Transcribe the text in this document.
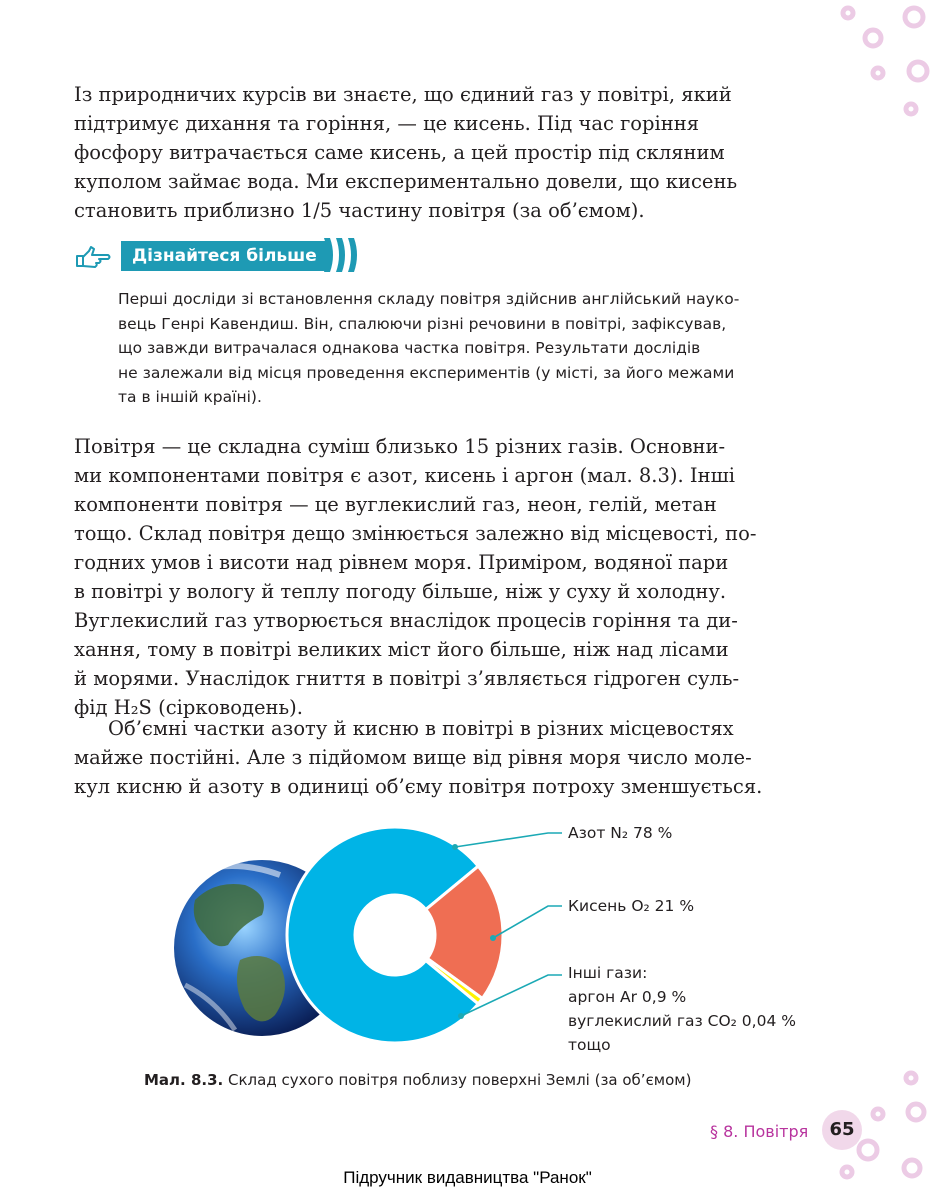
Із природничих курсів ви знаєте, що єдиний газ у повітрі, який
підтримує дихання та горіння, — це кисень. Під час горіння
фосфору витрачається саме кисень, а цей простір під скляним
куполом займає вода. Ми експериментально довели, що кисень
становить приблизно 1/5 частину повітря (за об’ємом).

Дізнайтеся більше

Перші досліди зі встановлення складу повітря здійснив англійський науко-
вець Генрі Кавендиш. Він, спалюючи різні речовини в повітрі, зафіксував,
що завжди витрачалася однакова частка повітря. Результати дослідів
не залежали від місця проведення експериментів (у місті, за його межами
та в іншій країні).

Повітря — це складна суміш близько 15 різних газів. Основни-
ми компонентами повітря є азот, кисень і аргон (мал. 8.3). Інші
компоненти повітря — це вуглекислий газ, неон, гелій, метан
тощо. Склад повітря дещо змінюється залежно від місцевості, по-
годних умов і висоти над рівнем моря. Приміром, водяної пари
в повітрі у вологу й теплу погоду більше, ніж у суху й холодну.
Вуглекислий газ утворюється внаслідок процесів горіння та ди-
хання, тому в повітрі великих міст його більше, ніж над лісами
й морями. Унаслідок гниття в повітрі з’являється гідроген суль-
фід H₂S (сірководень).

Об’ємні частки азоту й кисню в повітрі в різних місцевостях
майже постійні. Але з підйомом вище від рівня моря число моле-
кул кисню й азоту в одиниці об’єму повітря потроху зменшується.

Азот N₂ 78 %

Кисень O₂ 21 %

Інші гази:
аргон Ar 0,9 %
вуглекислий газ CO₂ 0,04 %
тощо

Мал. 8.3. Склад сухого повітря поблизу поверхні Землі (за об’ємом)
§ 8. Повітря	65
Підручник видавництва "Ранок"
